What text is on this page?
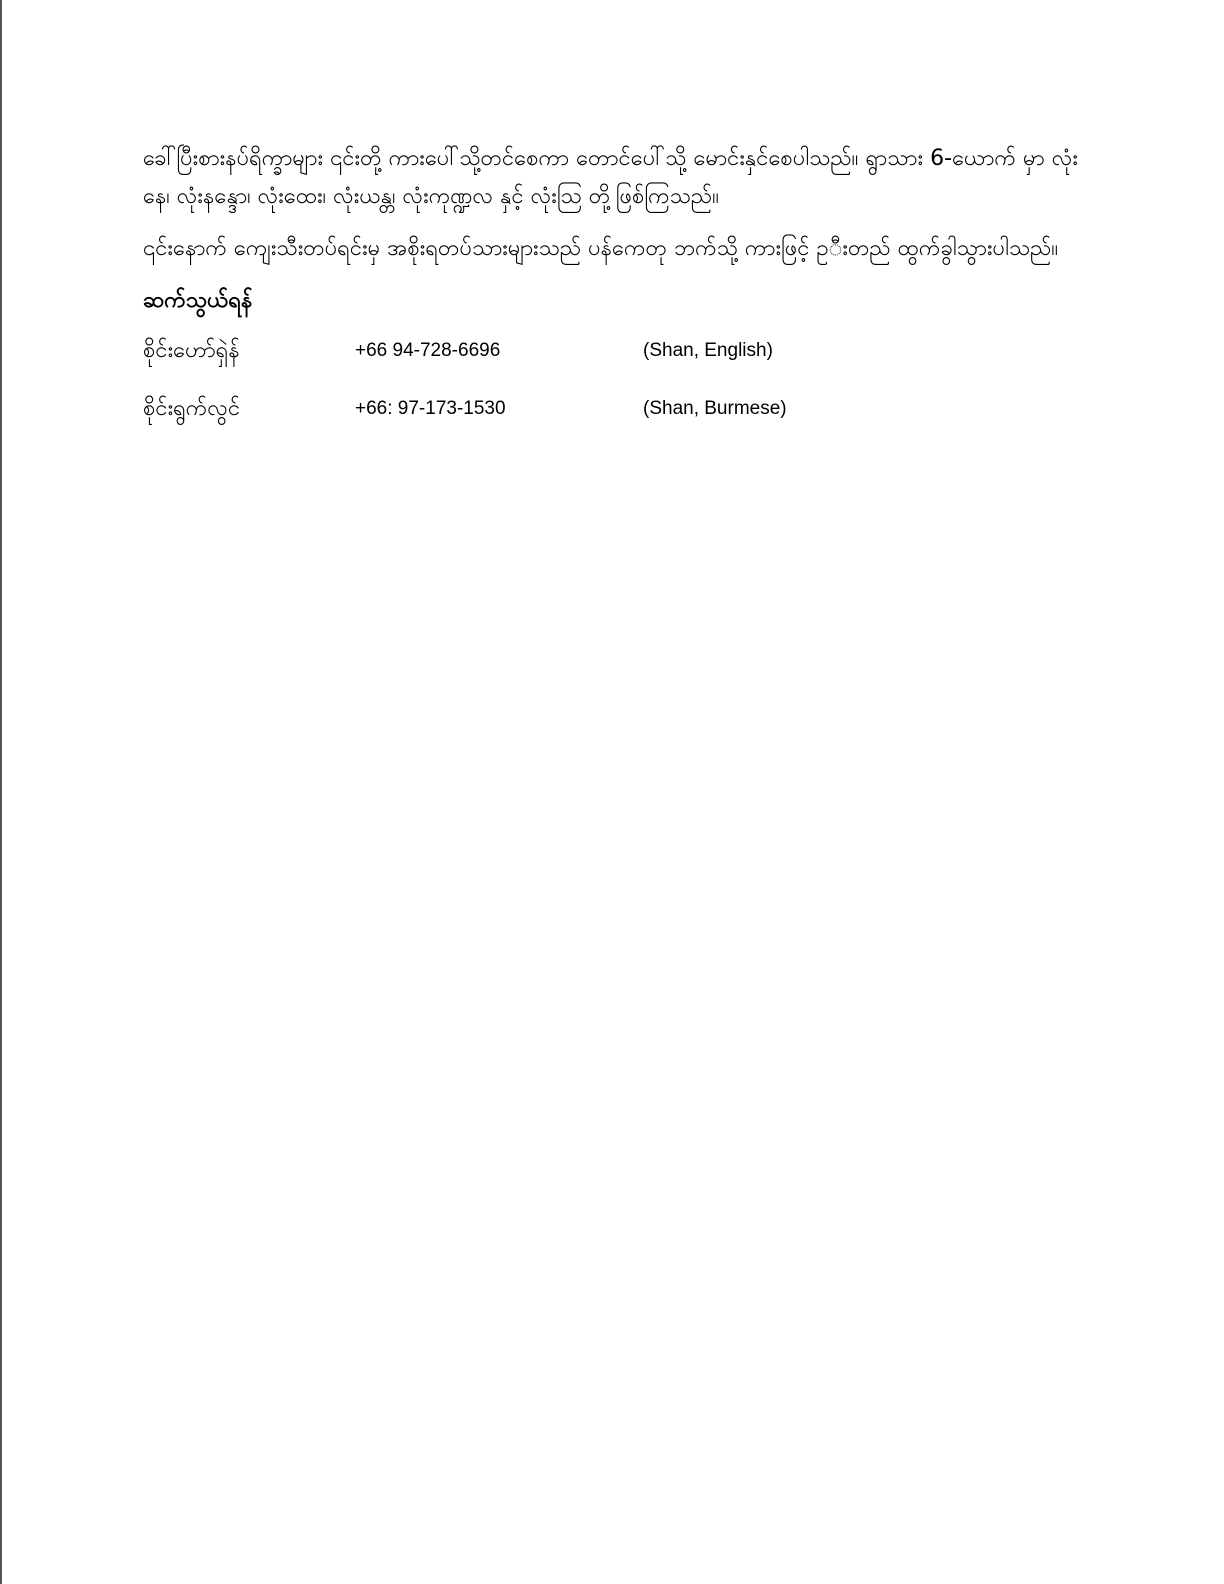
ခေါ်ပြီးစားနပ်ရိက္ခာများ ၎င်းတို့ ကားပေါ်သို့တင်စေကာ တောင်ပေါ်သို့ မောင်းနှင်စေပါသည်။ ရွာသား 6-ယောက် မှာ လုံးနေ၊ လုံးနန္ဒော၊ လုံးထေး၊ လုံးယန္တ၊ လုံးကုဏ္ဍလ နှင့် လုံးသြ တို့ဖြစ်ကြသည်။

၎င်းနောက် ကျေးသီးတပ်ရင်းမှ အစိုးရတပ်သားများသည် ပန်ကေတု ဘက်သို့ ကားဖြင့် ဥ◌ီးတည် ထွက်ခွါသွားပါသည်။

ဆက်သွယ်ရန်
စိုင်းဟော်ရှဲန်	+66 94-728-6696	(Shan, English)
စိုင်းရွက်လွင်	+66: 97-173-1530	(Shan, Burmese)
